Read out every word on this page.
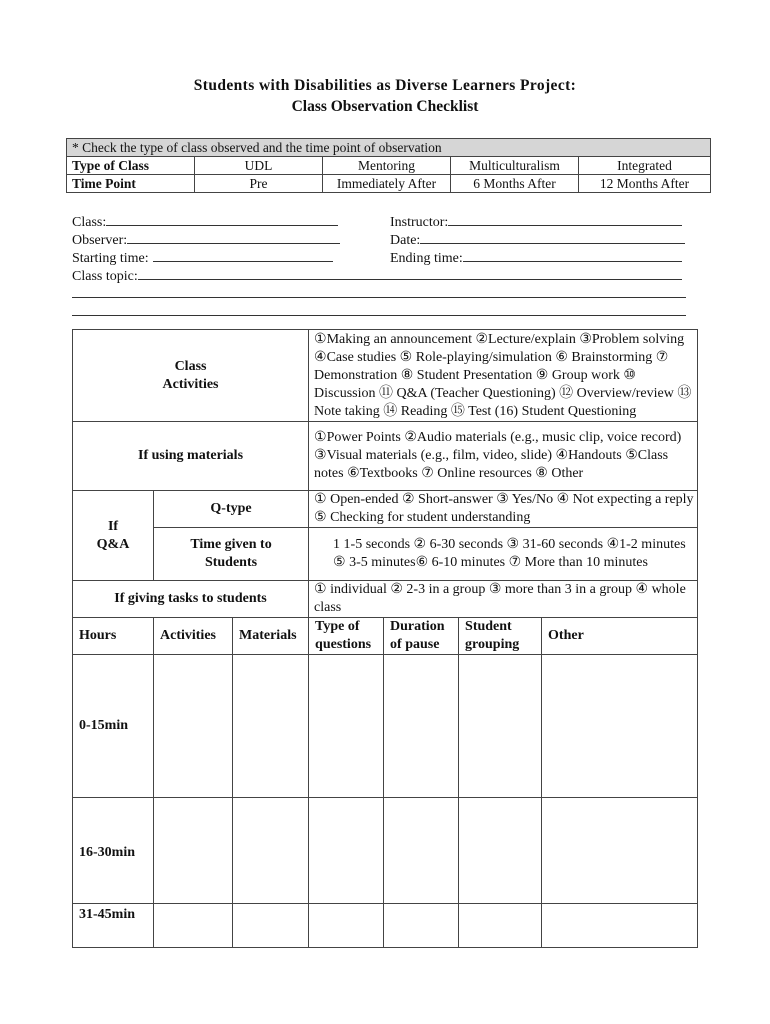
Students with Disabilities as Diverse Learners Project:
Class Observation Checklist
* Check the type of class observed and the time point of observation				
Type of Class	UDL	Mentoring	Multiculturalism	Integrated
Time Point	Pre	Immediately After	6 Months After	12 Months After
Class:
Observer:
Starting time:
Class topic:
Instructor:
Date:
Ending time:
Class
Activities			①Making an announcement ②Lecture/explain ③Problem solving ④Case studies ⑤ Role-playing/simulation ⑥ Brainstorming ⑦ Demonstration ⑧ Student Presentation ⑨ Group work ⑩ Discussion ⑪ Q&A (Teacher Questioning) ⑫ Overview/review ⑬ Note taking ⑭ Reading ⑮ Test (16) Student Questioning			
If using materials			①Power Points ②Audio materials (e.g., music clip, voice record) ③Visual materials (e.g., film, video, slide) ④Handouts ⑤Class notes ⑥Textbooks ⑦ Online resources ⑧ Other			
If
Q&A	Q-type		① Open-ended ② Short-answer ③ Yes/No ④ Not expecting a reply ⑤ Checking for student understanding			
	Time given to Students		1 1-5 seconds ② 6-30 seconds ③ 31-60 seconds ④1-2 minutes
⑤ 3-5 minutes⑥ 6-10 minutes ⑦ More than 10 minutes			
If giving tasks to students			① individual ② 2-3 in a group ③ more than 3 in a group ④ whole class			
Hours	Activities	Materials	Type of questions	Duration of pause	Student grouping	Other
0-15min						
16-30min						
31-45min						
